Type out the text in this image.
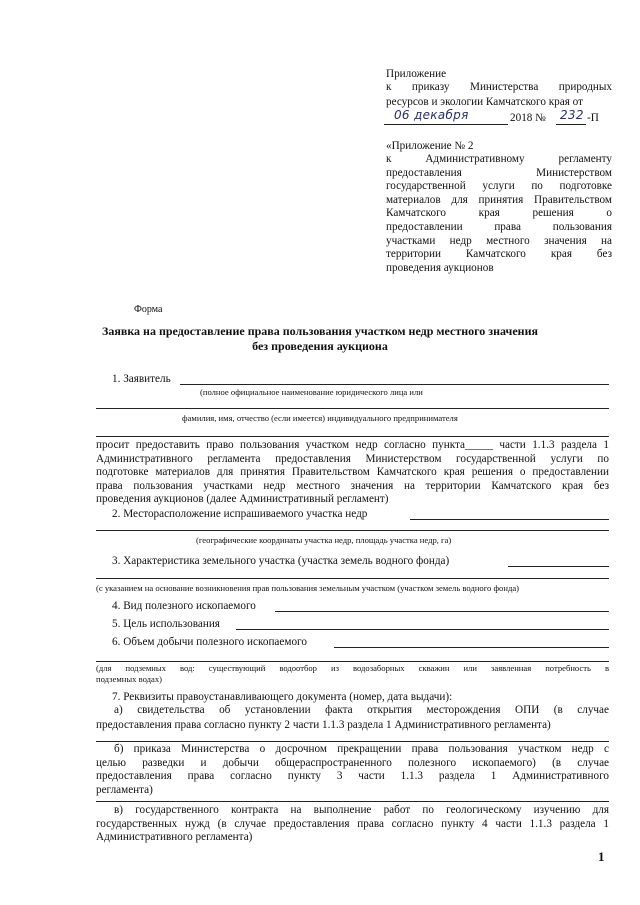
Приложение
к приказу Министерства природных
ресурсов и экологии Камчатского края от
06 декабря	2018 № 232 -П
«Приложение № 2
к Административному регламенту
предоставления Министерством
государственной услуги по подготовке
материалов для принятия Правительством
Камчатского края решения о
предоставлении права пользования
участками недр местного значения на
территории Камчатского края без
проведения аукционов
Форма
Заявка на предоставление права пользования участком недр местного значения
без проведения аукциона
1. Заявитель
(полное официальное наименование юридического лица или
фамилия, имя, отчество (если имеется) индивидуального предпринимателя
просит предоставить право пользования участком недр согласно пункта_____ части 1.1.3 раздела 1
Административного регламента предоставления Министерством государственной услуги по
подготовке материалов для принятия Правительством Камчатского края решения о предоставлении
права пользования участками недр местного значения на территории Камчатского края без
проведения аукционов (далее Административный регламент)
2. Месторасположение испрашиваемого участка недр
(географические координаты участка недр, площадь участка недр, га)
3. Характеристика земельного участка (участка земель водного фонда)
(с указанием на основание возникновения прав пользования земельным участком (участком земель водного фонда)
4. Вид полезного ископаемого
5. Цель использования
6. Объем добычи полезного ископаемого
(для подземных вод: существующий водоотбор из водозаборных скважин или заявленная потребность в
подземных водах)
7. Реквизиты правоустанавливающего документа (номер, дата выдачи):
а) свидетельства об установлении факта открытия месторождения ОПИ (в случае
предоставления права согласно пункту 2 части 1.1.3 раздела 1 Административного регламента)
б) приказа Министерства о досрочном прекращении права пользования участком недр с
целью разведки и добычи общераспространенного полезного ископаемого) (в случае
предоставления права согласно пункту 3 части 1.1.3 раздела 1 Административного
регламента)
в) государственного контракта на выполнение работ по геологическому изучению для
государственных нужд (в случае предоставления права согласно пункту 4 части 1.1.3 раздела 1
Административного регламента)
1
